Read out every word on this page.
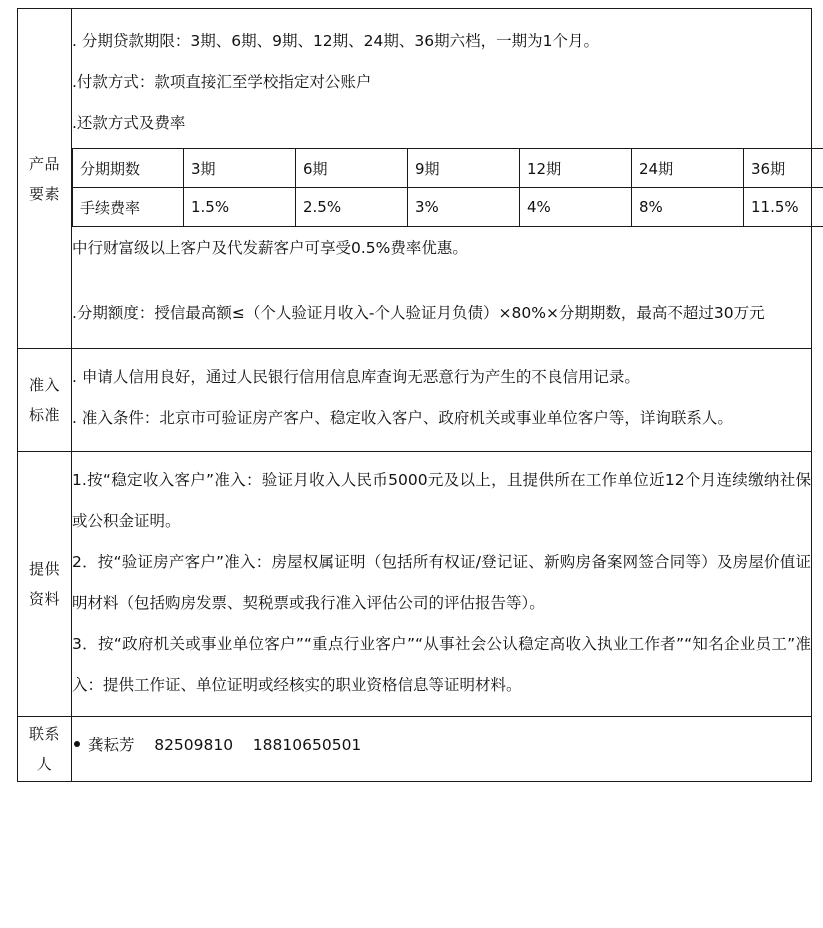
产品
要素

. 分期贷款期限：3期、6期、9期、12期、24期、36期六档，一期为1个月。

.付款方式：款项直接汇至学校指定对公账户

.还款方式及费率

分期期数	3期	6期	9期	12期	24期	36期
手续费率	1.5%	2.5%	3%	4%	8%	11.5%

中行财富级以上客户及代发薪客户可享受0.5%费率优惠。

.分期额度：授信最高额≤（个人验证月收入-个人验证月负债）×80%×分期期数，最高不超过30万元

准入
标准

. 申请人信用良好，通过人民银行信用信息库查询无恶意行为产生的不良信用记录。

. 准入条件：北京市可验证房产客户、稳定收入客户、政府机关或事业单位客户等，详询联系人。

提供
资料

1.按“稳定收入客户”准入：验证月收入人民币5000元及以上，且提供所在工作单位近12个月连续缴纳社保或公积金证明。

2．按“验证房产客户”准入：房屋权属证明（包括所有权证/登记证、新购房备案网签合同等）及房屋价值证明材料（包括购房发票、契税票或我行准入评估公司的评估报告等）。

3．按“政府机关或事业单位客户”“重点行业客户”“从事社会公认稳定高收入执业工作者”“知名企业员工”准入：提供工作证、单位证明或经核实的职业资格信息等证明材料。

联系
人

龚耘芳    82509810    18810650501
